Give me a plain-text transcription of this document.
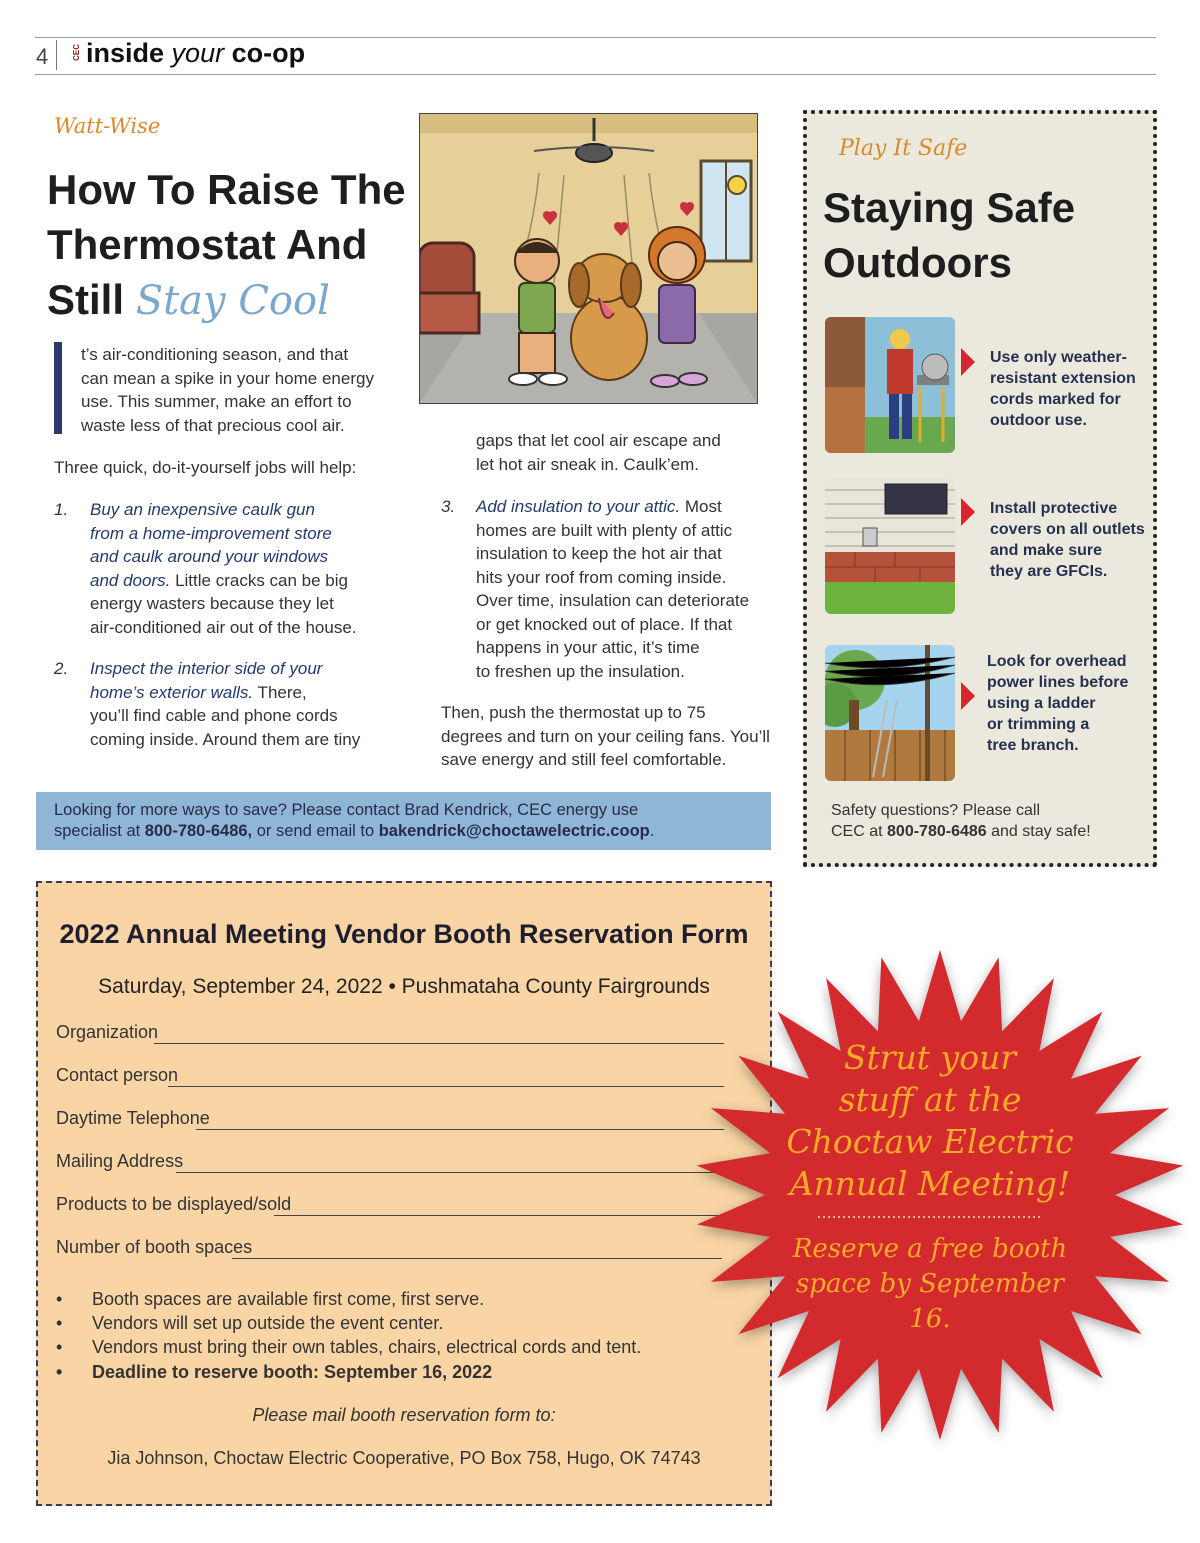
4	CEC inside your co-op
Watt-Wise
How To Raise The
Thermostat And
Still Stay Cool
t’s air-conditioning season, and that
can mean a spike in your home energy
use. This summer, make an effort to
waste less of that precious cool air.
Three quick, do-it-yourself jobs will help:
1. Buy an inexpensive caulk gun
from a home-improvement store
and caulk around your windows
and doors. Little cracks can be big
energy wasters because they let
air-conditioned air out of the house.
2. Inspect the interior side of your
home’s exterior walls. There,
you’ll find cable and phone cords
coming inside. Around them are tiny
gaps that let cool air escape and
let hot air sneak in. Caulk’em.
3. Add insulation to your attic. Most
homes are built with plenty of attic
insulation to keep the hot air that
hits your roof from coming inside.
Over time, insulation can deteriorate
or get knocked out of place. If that
happens in your attic, it’s time
to freshen up the insulation.
Then, push the thermostat up to 75
degrees and turn on your ceiling fans. You’ll
save energy and still feel comfortable.
Looking for more ways to save? Please contact Brad Kendrick, CEC energy use
specialist at 800-780-6486, or send email to bakendrick@choctawelectric.coop.
Play It Safe
Staying Safe
Outdoors
Use only weather-
resistant extension
cords marked for
outdoor use.
Install protective
covers on all outlets
and make sure
they are GFCIs.
Look for overhead
power lines before
using a ladder
or trimming a
tree branch.
Safety questions? Please call
CEC at 800-780-6486 and stay safe!
2022 Annual Meeting Vendor Booth Reservation Form
Saturday, September 24, 2022 • Pushmataha County Fairgrounds
Organization
Contact person
Daytime Telephone
Mailing Address
Products to be displayed/sold
Number of booth spaces
• Booth spaces are available first come, first serve.
• Vendors will set up outside the event center.
• Vendors must bring their own tables, chairs, electrical cords and tent.
• Deadline to reserve booth: September 16, 2022
Please mail booth reservation form to:
Jia Johnson, Choctaw Electric Cooperative, PO Box 758, Hugo, OK 74743
Strut your
stuff at the
Choctaw Electric
Annual Meeting!
Reserve a free booth
space by September 16.
